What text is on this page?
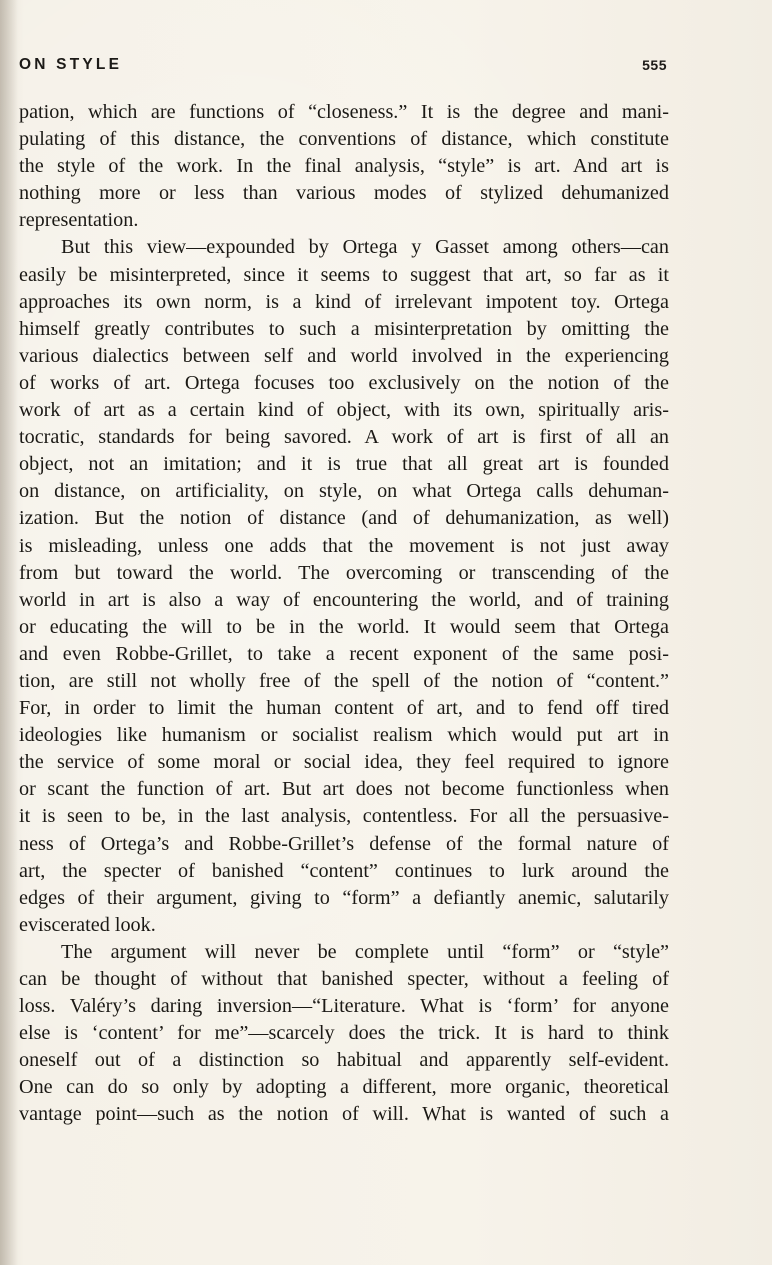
ON STYLE	555
pation, which are functions of “closeness.” It is the degree and mani-
pulating of this distance, the conventions of distance, which constitute
the style of the work. In the final analysis, “style” is art. And art is
nothing more or less than various modes of stylized dehumanized
representation.
But this view—expounded by Ortega y Gasset among others—can
easily be misinterpreted, since it seems to suggest that art, so far as it
approaches its own norm, is a kind of irrelevant impotent toy. Ortega
himself greatly contributes to such a misinterpretation by omitting the
various dialectics between self and world involved in the experiencing
of works of art. Ortega focuses too exclusively on the notion of the
work of art as a certain kind of object, with its own, spiritually aris-
tocratic, standards for being savored. A work of art is first of all an
object, not an imitation; and it is true that all great art is founded
on distance, on artificiality, on style, on what Ortega calls dehuman-
ization. But the notion of distance (and of dehumanization, as well)
is misleading, unless one adds that the movement is not just away
from but toward the world. The overcoming or transcending of the
world in art is also a way of encountering the world, and of training
or educating the will to be in the world. It would seem that Ortega
and even Robbe-Grillet, to take a recent exponent of the same posi-
tion, are still not wholly free of the spell of the notion of “content.”
For, in order to limit the human content of art, and to fend off tired
ideologies like humanism or socialist realism which would put art in
the service of some moral or social idea, they feel required to ignore
or scant the function of art. But art does not become functionless when
it is seen to be, in the last analysis, contentless. For all the persuasive-
ness of Ortega’s and Robbe-Grillet’s defense of the formal nature of
art, the specter of banished “content” continues to lurk around the
edges of their argument, giving to “form” a defiantly anemic, salutarily
eviscerated look.
The argument will never be complete until “form” or “style”
can be thought of without that banished specter, without a feeling of
loss. Valéry’s daring inversion—“Literature. What is ‘form’ for anyone
else is ‘content’ for me”—scarcely does the trick. It is hard to think
oneself out of a distinction so habitual and apparently self-evident.
One can do so only by adopting a different, more organic, theoretical
vantage point—such as the notion of will. What is wanted of such a
